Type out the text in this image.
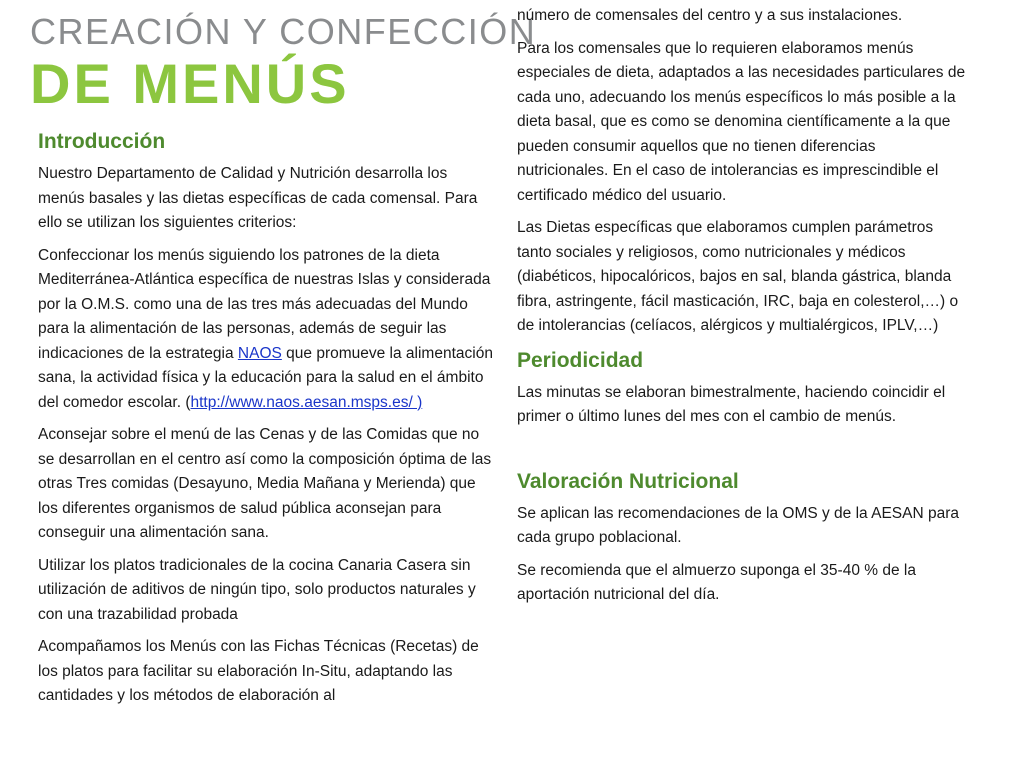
CREACIÓN Y CONFECCIÓN
DE MENÚS
Introducción

Nuestro Departamento de Calidad y Nutrición desarrolla los menús basales y las dietas específicas de cada comensal. Para ello se utilizan los siguientes criterios:

Confeccionar los menús siguiendo los patrones de la dieta Mediterránea-Atlántica específica de nuestras Islas y considerada por la O.M.S. como una de las tres más adecuadas del Mundo para la alimentación de las personas, además de seguir las indicaciones de la estrategia NAOS que promueve la alimentación sana, la actividad física y la educación para la salud en el ámbito del comedor escolar. (http://www.naos.aesan.msps.es/ )

Aconsejar sobre el menú de las Cenas y de las Comidas que no se desarrollan en el centro así como la composición óptima de las otras Tres comidas (Desayuno, Media Mañana y Merienda) que los diferentes organismos de salud pública aconsejan para conseguir una alimentación sana.

Utilizar los platos tradicionales de la cocina Canaria Casera sin utilización de aditivos de ningún tipo, solo productos naturales y con una trazabilidad probada

Acompañamos los Menús con las Fichas Técnicas (Recetas) de los platos para facilitar su elaboración In-Situ, adaptando las cantidades y los métodos de elaboración al

número de comensales del centro y a sus instalaciones.

Para los comensales que lo requieren elaboramos menús especiales de dieta, adaptados a las necesidades particulares de cada uno, adecuando los menús específicos lo más posible a la dieta basal, que es como se denomina científicamente a la que pueden consumir aquellos que no tienen diferencias nutricionales. En el caso de intolerancias es imprescindible el certificado médico del usuario.

Las Dietas específicas que elaboramos cumplen parámetros tanto sociales y religiosos, como nutricionales y médicos (diabéticos, hipocalóricos, bajos en sal, blanda gástrica, blanda fibra, astringente, fácil masticación, IRC, baja en colesterol,…) o de intolerancias (celíacos, alérgicos y multialérgicos, IPLV,…)

Periodicidad

Las minutas se elaboran bimestralmente, haciendo coincidir el primer o último lunes del mes con el cambio de menús.

Valoración Nutricional

Se aplican las recomendaciones de la OMS y de la AESAN para cada grupo poblacional.

Se recomienda que el almuerzo suponga el 35-40 % de la aportación nutricional del día.
